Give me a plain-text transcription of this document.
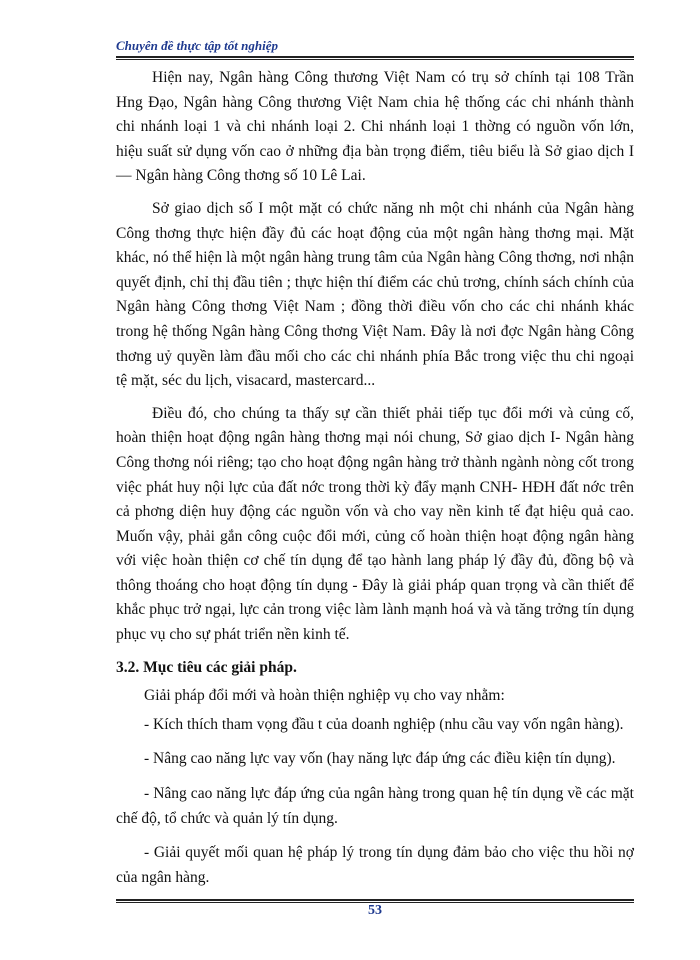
Chuyên đề thực tập tốt nghiệp

Hiện nay, Ngân hàng Công thương Việt Nam có trụ sở chính tại 108 Trần Hng Đạo, Ngân hàng Công thương Việt Nam chia hệ thống các chi nhánh thành chi nhánh loại 1 và chi nhánh loại 2. Chi nhánh loại 1 thờng có nguồn vốn lớn, hiệu suất sử dụng vốn cao ở những địa bàn trọng điểm, tiêu biểu là Sở giao dịch I — Ngân hàng Công thơng số 10 Lê Lai.

Sở giao dịch số I một mặt có chức năng nh một chi nhánh của Ngân hàng Công thơng thực hiện đầy đủ các hoạt động của một ngân hàng thơng mại. Mặt khác, nó thể hiện là một ngân hàng trung tâm của Ngân hàng Công thơng, nơi nhận quyết định, chỉ thị đầu tiên ; thực hiện thí điểm các chủ trơng, chính sách chính của Ngân hàng Công thơng Việt Nam ; đồng thời điều vốn cho các chi nhánh khác trong hệ thống Ngân hàng Công thơng Việt Nam. Đây là nơi đợc Ngân hàng Công thơng uỷ quyền làm đầu mối cho các chi nhánh phía Bắc trong việc thu chi ngoại tệ mặt, séc du lịch, visacard, mastercard...

Điều đó, cho chúng ta thấy sự cần thiết phải tiếp tục đổi mới và củng cố, hoàn thiện hoạt động ngân hàng thơng mại nói chung, Sở giao dịch I- Ngân hàng Công thơng nói riêng; tạo cho hoạt động ngân hàng trở thành ngành nòng cốt trong việc phát huy nội lực của đất nớc trong thời kỳ đẩy mạnh CNH- HĐH đất nớc trên cả phơng diện huy động các nguồn vốn và cho vay nền kinh tế đạt hiệu quả cao. Muốn vậy, phải gắn công cuộc đổi mới, củng cố hoàn thiện hoạt động ngân hàng với việc hoàn thiện cơ chế tín dụng để tạo hành lang pháp lý đầy đủ, đồng bộ và thông thoáng cho hoạt động tín dụng - Đây là giải pháp quan trọng và cần thiết để khắc phục trở ngại, lực cản trong việc làm lành mạnh hoá và và tăng trởng tín dụng phục vụ cho sự phát triển nền kinh tế.

3.2. Mục tiêu các giải pháp.

Giải pháp đổi mới và hoàn thiện nghiệp vụ cho vay nhằm:

- Kích thích tham vọng đầu t của doanh nghiệp (nhu cầu vay vốn ngân hàng).

- Nâng cao năng lực vay vốn (hay năng lực đáp ứng các điều kiện tín dụng).

- Nâng cao năng lực đáp ứng của ngân hàng trong quan hệ tín dụng về các mặt chế độ, tổ chức và quản lý tín dụng.

- Giải quyết mối quan hệ pháp lý trong tín dụng đảm bảo cho việc thu hồi nợ của ngân hàng.

53
